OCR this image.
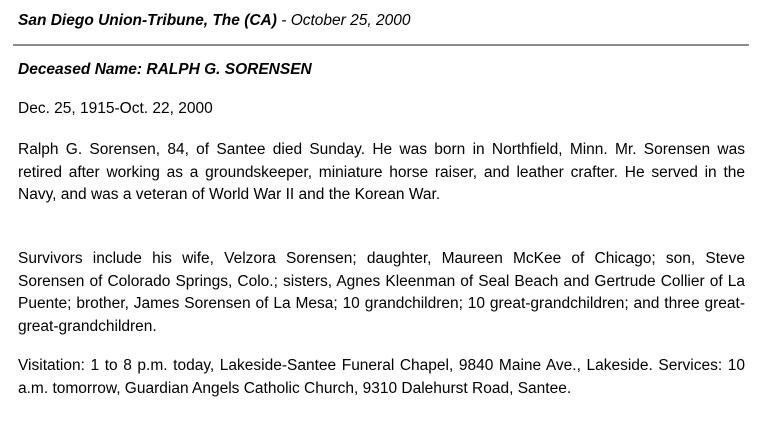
San Diego Union-Tribune, The (CA) - October 25, 2000
Deceased Name: RALPH G. SORENSEN
Dec. 25, 1915-Oct. 22, 2000

Ralph G. Sorensen, 84, of Santee died Sunday. He was born in Northfield, Minn. Mr. Sorensen was retired after working as a groundskeeper, miniature horse raiser, and leather crafter. He served in the Navy, and was a veteran of World War II and the Korean War.

Survivors include his wife, Velzora Sorensen; daughter, Maureen McKee of Chicago; son, Steve Sorensen of Colorado Springs, Colo.; sisters, Agnes Kleenman of Seal Beach and Gertrude Collier of La Puente; brother, James Sorensen of La Mesa; 10 grandchildren; 10 great-grandchildren; and three great-great-grandchildren.

Visitation: 1 to 8 p.m. today, Lakeside-Santee Funeral Chapel, 9840 Maine Ave., Lakeside. Services: 10 a.m. tomorrow, Guardian Angels Catholic Church, 9310 Dalehurst Road, Santee.
